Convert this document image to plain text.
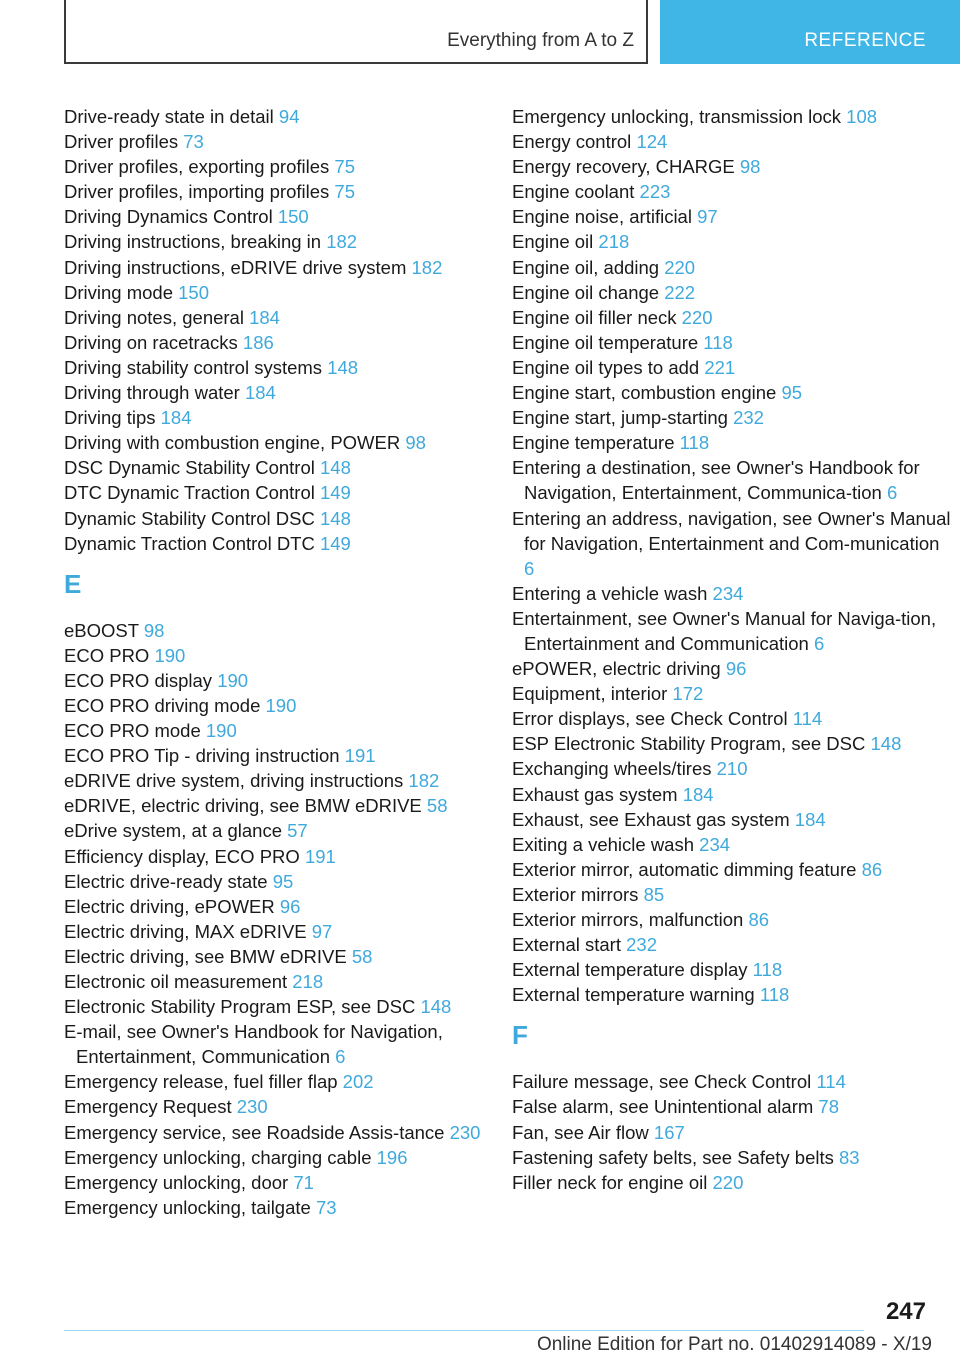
Everything from A to Z	REFERENCE
Drive-ready state in detail 94
Driver profiles 73
Driver profiles, exporting profiles 75
Driver profiles, importing profiles 75
Driving Dynamics Control 150
Driving instructions, breaking in 182
Driving instructions, eDRIVE drive system 182
Driving mode 150
Driving notes, general 184
Driving on racetracks 186
Driving stability control systems 148
Driving through water 184
Driving tips 184
Driving with combustion engine, POWER 98
DSC Dynamic Stability Control 148
DTC Dynamic Traction Control 149
Dynamic Stability Control DSC 148
Dynamic Traction Control DTC 149
E
eBOOST 98
ECO PRO 190
ECO PRO display 190
ECO PRO driving mode 190
ECO PRO mode 190
ECO PRO Tip - driving instruction 191
eDRIVE drive system, driving instructions 182
eDRIVE, electric driving, see BMW eDRIVE 58
eDrive system, at a glance 57
Efficiency display, ECO PRO 191
Electric drive-ready state 95
Electric driving, ePOWER 96
Electric driving, MAX eDRIVE 97
Electric driving, see BMW eDRIVE 58
Electronic oil measurement 218
Electronic Stability Program ESP, see DSC 148
E-mail, see Owner's Handbook for Navigation, Entertainment, Communication 6
Emergency release, fuel filler flap 202
Emergency Request 230
Emergency service, see Roadside Assis-tance 230
Emergency unlocking, charging cable 196
Emergency unlocking, door 71
Emergency unlocking, tailgate 73
Emergency unlocking, transmission lock 108
Energy control 124
Energy recovery, CHARGE 98
Engine coolant 223
Engine noise, artificial 97
Engine oil 218
Engine oil, adding 220
Engine oil change 222
Engine oil filler neck 220
Engine oil temperature 118
Engine oil types to add 221
Engine start, combustion engine 95
Engine start, jump-starting 232
Engine temperature 118
Entering a destination, see Owner's Handbook for Navigation, Entertainment, Communica-tion 6
Entering an address, navigation, see Owner's Manual for Navigation, Entertainment and Com-munication 6
Entering a vehicle wash 234
Entertainment, see Owner's Manual for Naviga-tion, Entertainment and Communication 6
ePOWER, electric driving 96
Equipment, interior 172
Error displays, see Check Control 114
ESP Electronic Stability Program, see DSC 148
Exchanging wheels/tires 210
Exhaust gas system 184
Exhaust, see Exhaust gas system 184
Exiting a vehicle wash 234
Exterior mirror, automatic dimming feature 86
Exterior mirrors 85
Exterior mirrors, malfunction 86
External start 232
External temperature display 118
External temperature warning 118
F
Failure message, see Check Control 114
False alarm, see Unintentional alarm 78
Fan, see Air flow 167
Fastening safety belts, see Safety belts 83
Filler neck for engine oil 220
247
Online Edition for Part no. 01402914089 - X/19
